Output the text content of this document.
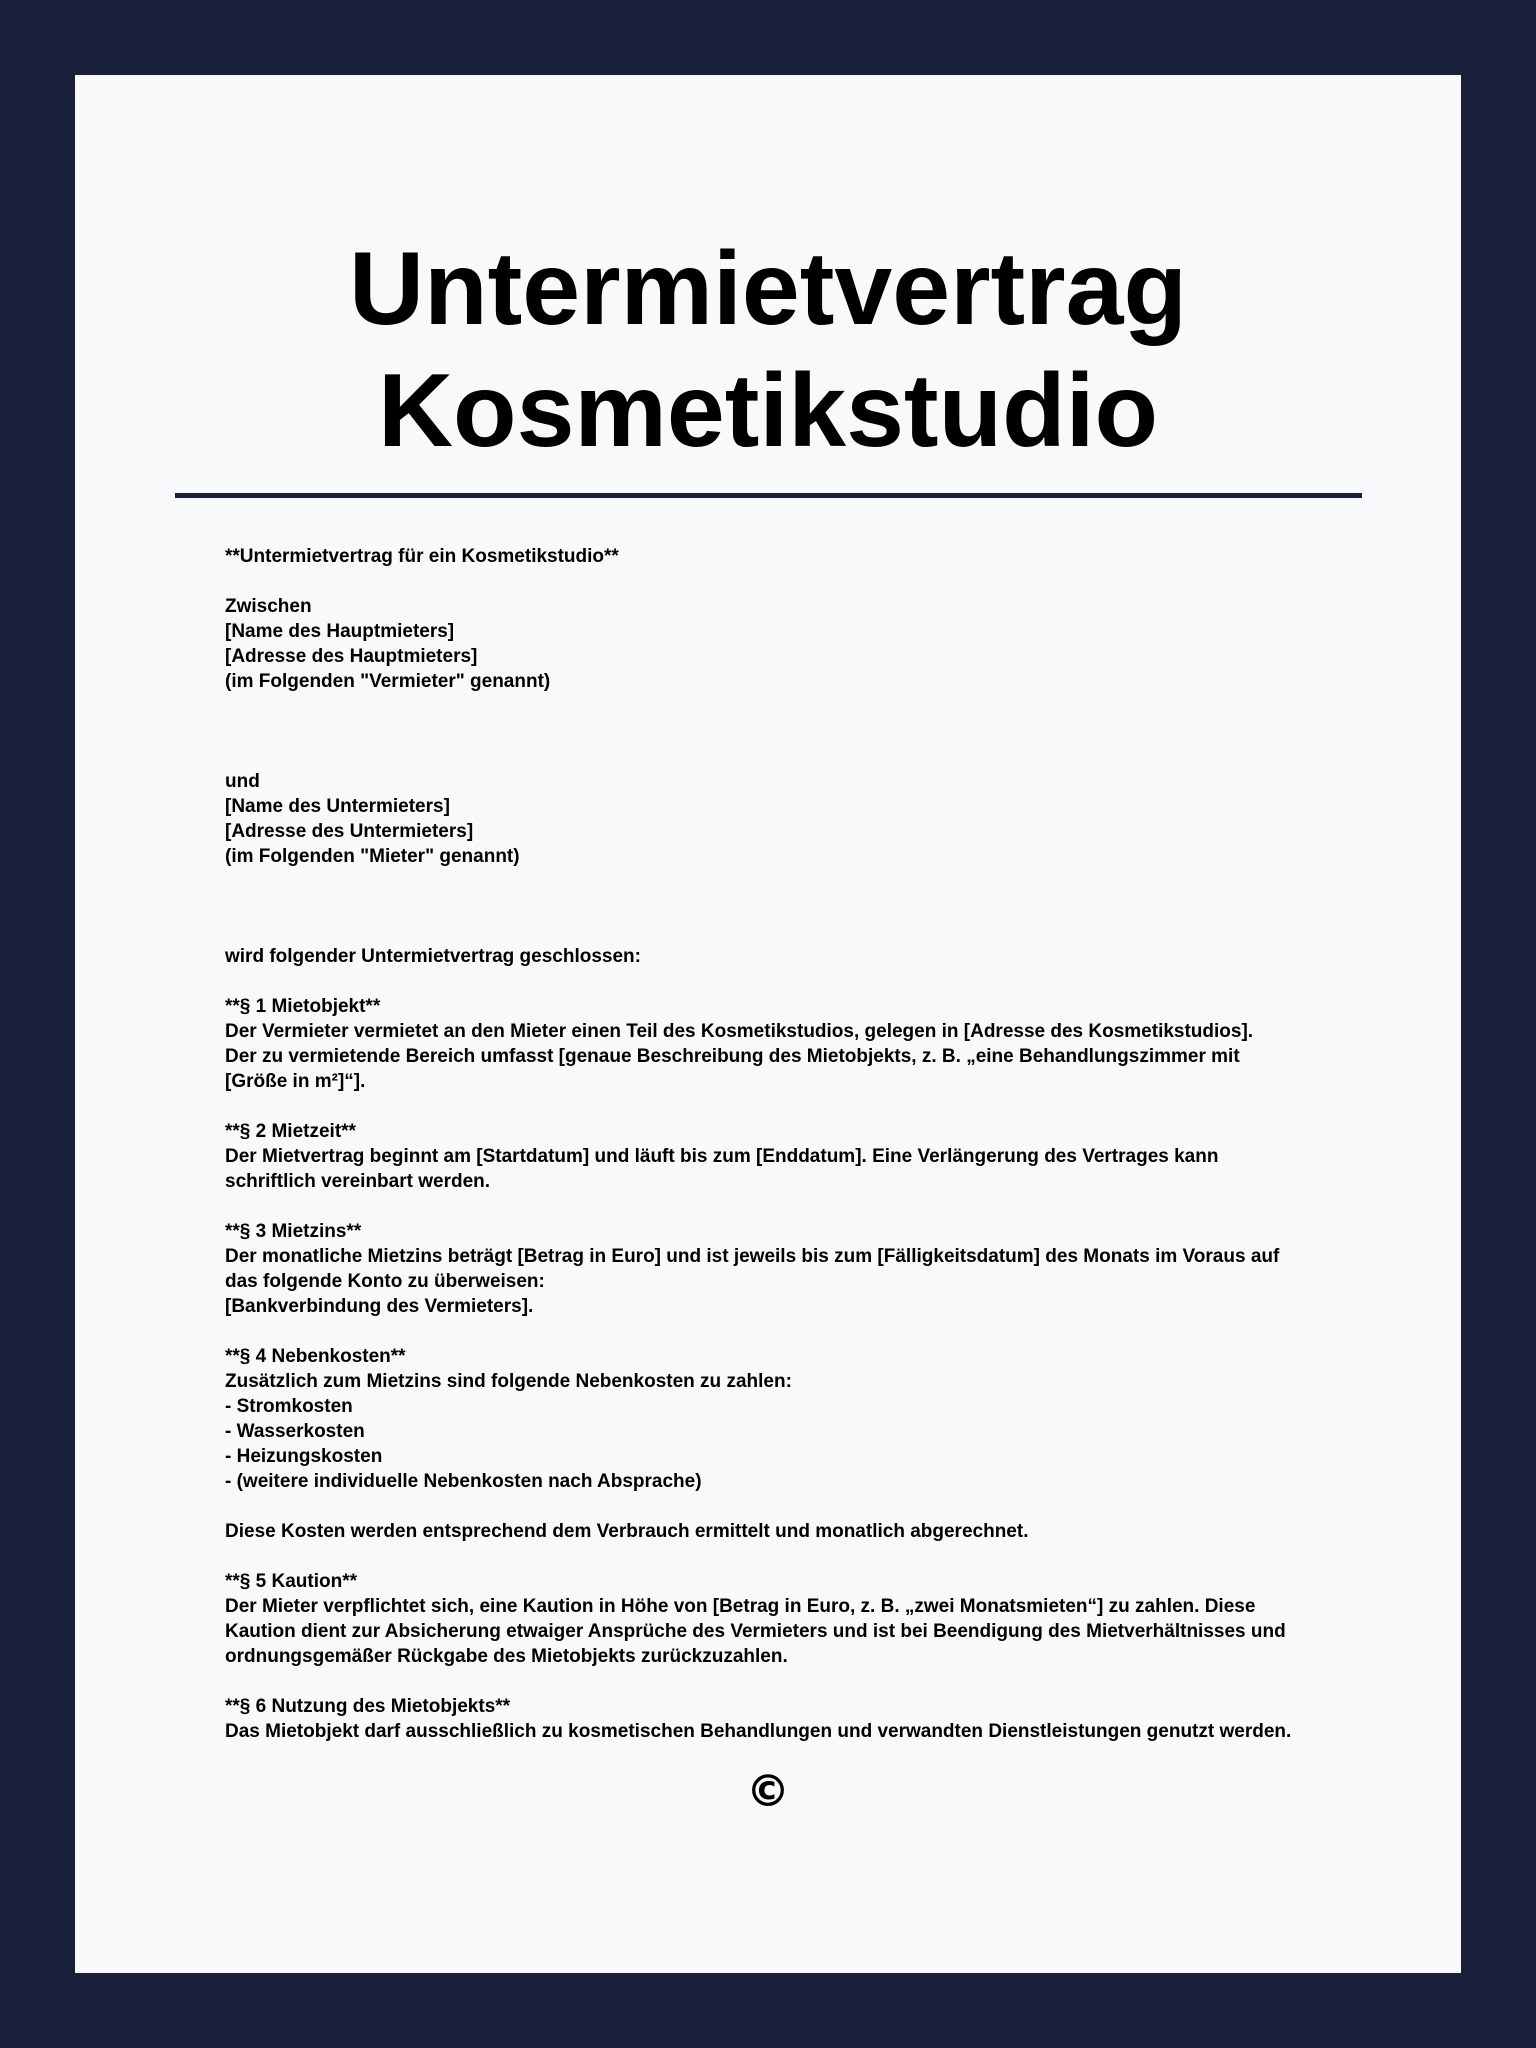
Untermietvertrag
Kosmetikstudio
**Untermietvertrag für ein Kosmetikstudio**

Zwischen
[Name des Hauptmieters]
[Adresse des Hauptmieters]
(im Folgenden "Vermieter" genannt)

und
[Name des Untermieters]
[Adresse des Untermieters]
(im Folgenden "Mieter" genannt)

wird folgender Untermietvertrag geschlossen:

**§ 1 Mietobjekt**
Der Vermieter vermietet an den Mieter einen Teil des Kosmetikstudios, gelegen in [Adresse des Kosmetikstudios].
Der zu vermietende Bereich umfasst [genaue Beschreibung des Mietobjekts, z. B. „eine Behandlungszimmer mit
[Größe in m²]“].

**§ 2 Mietzeit**
Der Mietvertrag beginnt am [Startdatum] und läuft bis zum [Enddatum]. Eine Verlängerung des Vertrages kann
schriftlich vereinbart werden.

**§ 3 Mietzins**
Der monatliche Mietzins beträgt [Betrag in Euro] und ist jeweils bis zum [Fälligkeitsdatum] des Monats im Voraus auf
das folgende Konto zu überweisen:
[Bankverbindung des Vermieters].

**§ 4 Nebenkosten**
Zusätzlich zum Mietzins sind folgende Nebenkosten zu zahlen:
- Stromkosten
- Wasserkosten
- Heizungskosten
- (weitere individuelle Nebenkosten nach Absprache)

Diese Kosten werden entsprechend dem Verbrauch ermittelt und monatlich abgerechnet.

**§ 5 Kaution**
Der Mieter verpflichtet sich, eine Kaution in Höhe von [Betrag in Euro, z. B. „zwei Monatsmieten“] zu zahlen. Diese
Kaution dient zur Absicherung etwaiger Ansprüche des Vermieters und ist bei Beendigung des Mietverhältnisses und
ordnungsgemäßer Rückgabe des Mietobjekts zurückzuzahlen.

**§ 6 Nutzung des Mietobjekts**
Das Mietobjekt darf ausschließlich zu kosmetischen Behandlungen und verwandten Dienstleistungen genutzt werden.
©
